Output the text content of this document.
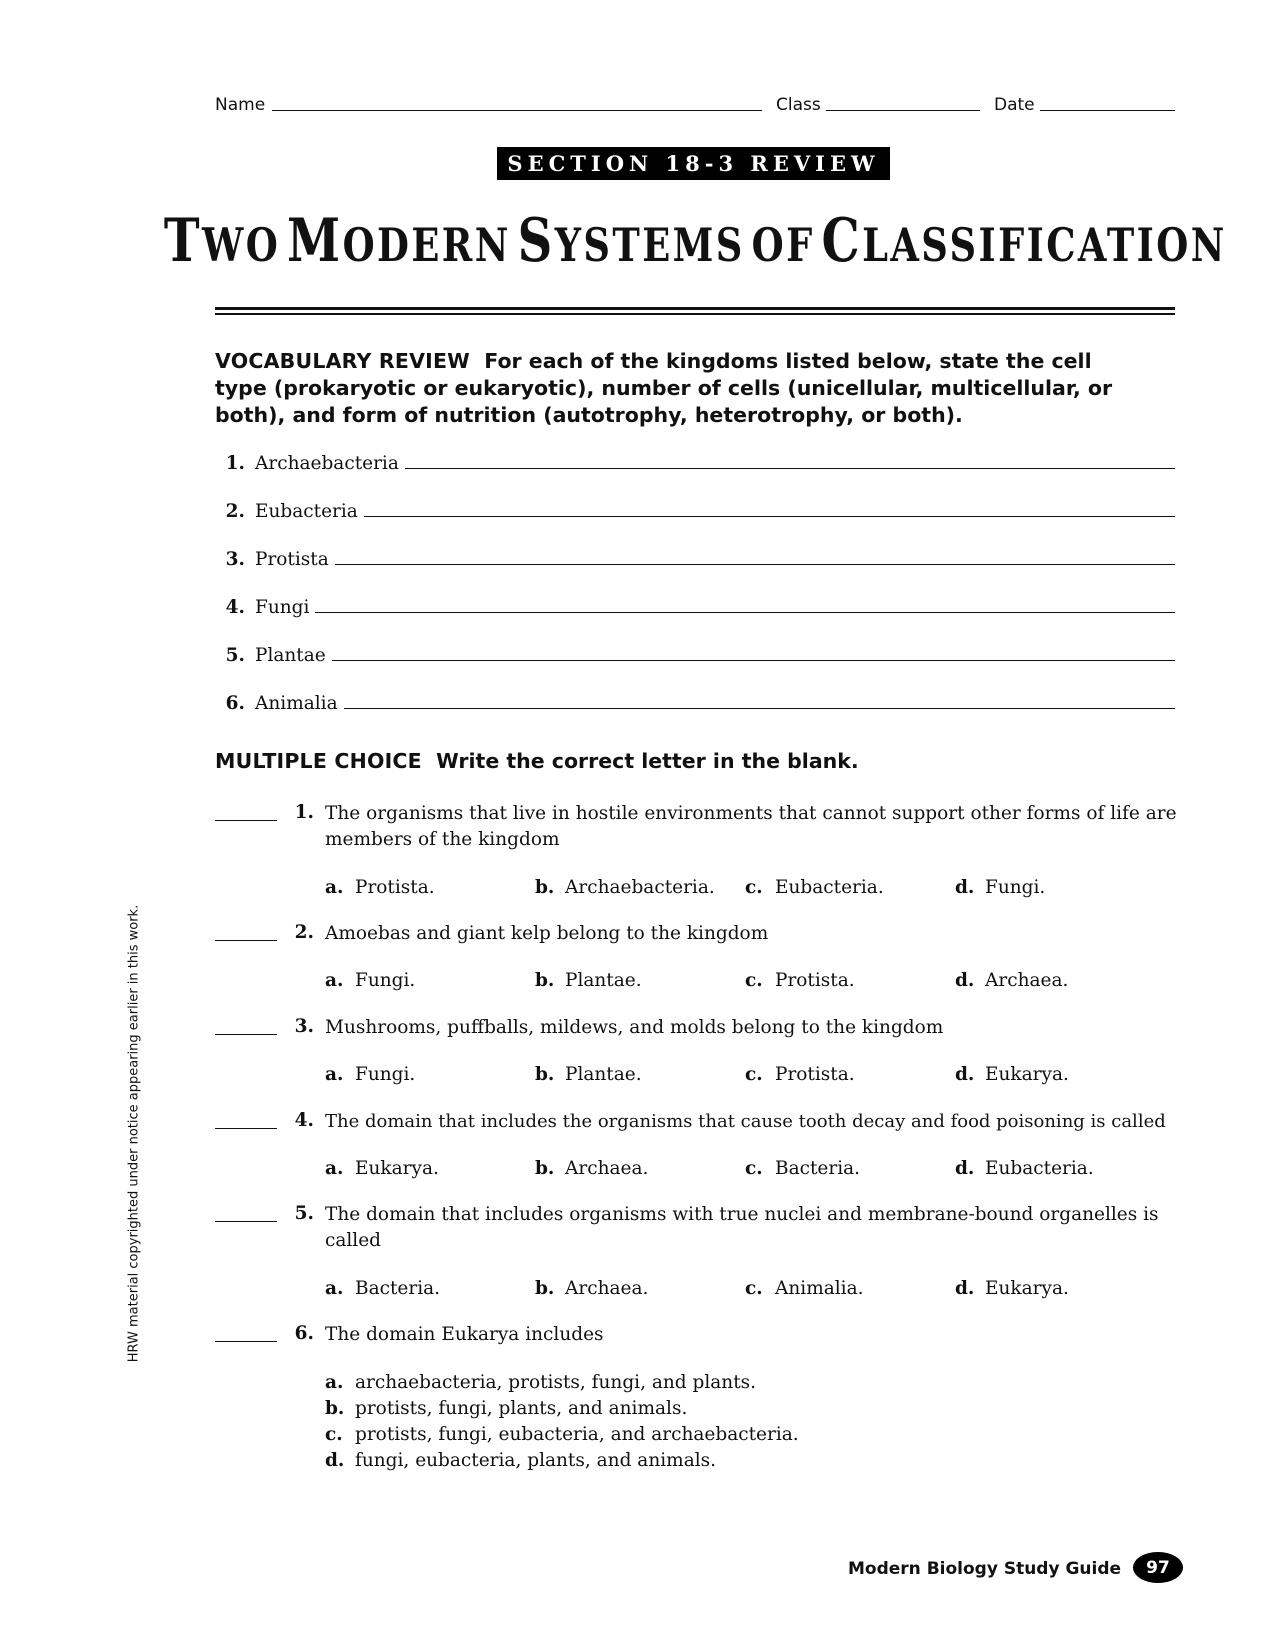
Name	Class	Date
SECTION 18-3 REVIEW
TWO MODERN SYSTEMS OF CLASSIFICATION
VOCABULARY REVIEW For each of the kingdoms listed below, state the cell type (prokaryotic or eukaryotic), number of cells (unicellular, multicellular, or both), and form of nutrition (autotrophy, heterotrophy, or both).
1. Archaebacteria
2. Eubacteria
3. Protista
4. Fungi
5. Plantae
6. Animalia
MULTIPLE CHOICE Write the correct letter in the blank.
1. The organisms that live in hostile environments that cannot support other forms of life are members of the kingdom
a. Protista.	b. Archaebacteria. c. Eubacteria.	d. Fungi.
2. Amoebas and giant kelp belong to the kingdom
a. Fungi.	b. Plantae.	c. Protista.	d. Archaea.
3. Mushrooms, puffballs, mildews, and molds belong to the kingdom
a. Fungi.	b. Plantae.	c. Protista.	d. Eukarya.
4. The domain that includes the organisms that cause tooth decay and food poisoning is called
a. Eukarya.	b. Archaea.	c. Bacteria.	d. Eubacteria.
5. The domain that includes organisms with true nuclei and membrane-bound organelles is called
a. Bacteria.	b. Archaea.	c. Animalia.	d. Eukarya.
6. The domain Eukarya includes
a. archaebacteria, protists, fungi, and plants.
b. protists, fungi, plants, and animals.
c. protists, fungi, eubacteria, and archaebacteria.
d. fungi, eubacteria, plants, and animals.
HRW material copyrighted under notice appearing earlier in this work.
Modern Biology Study Guide	97
